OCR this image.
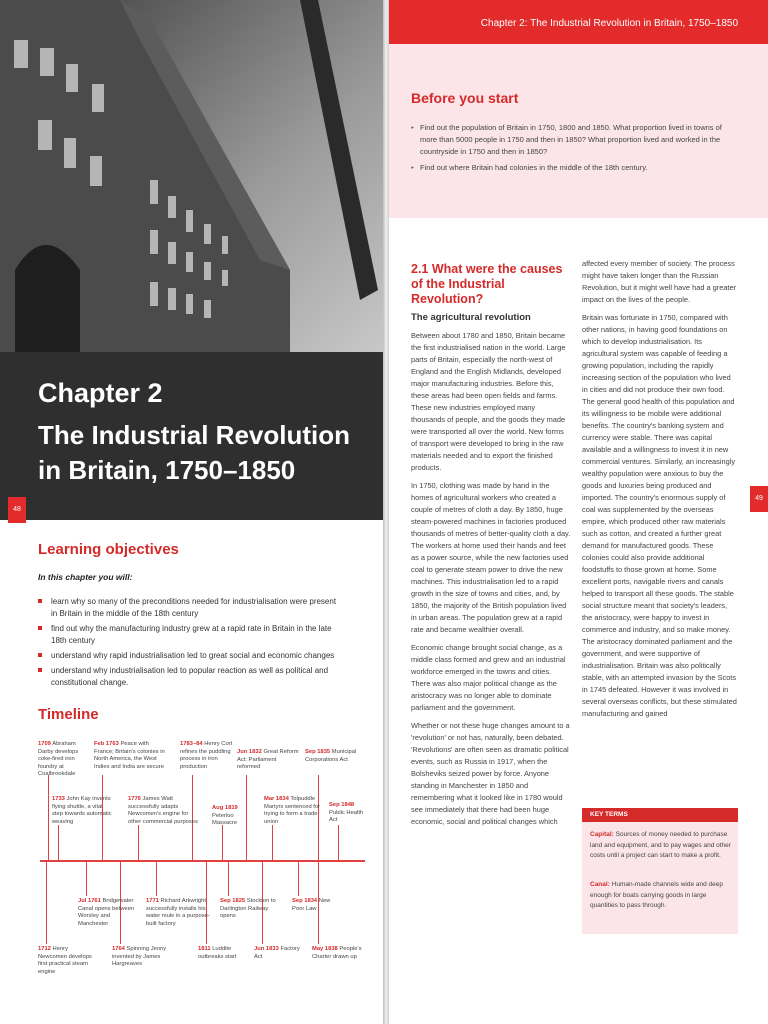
Chapter 2
The Industrial Revolution in Britain, 1750–1850
48
Learning objectives

In this chapter you will:

learn why so many of the preconditions needed for industrialisation were present in Britain in the middle of the 18th century
find out why the manufacturing industry grew at a rapid rate in Britain in the late 18th century
understand why rapid industrialisation led to great social and economic changes
understand why industrialisation led to popular reaction as well as political and constitutional change.
Timeline
1709 Abraham Darby develops coke-fired iron foundry at Coalbrookdale
Feb 1763 Peace with France; Britain's colonies in North America, the West Indies and India are secure
1783–84 Henry Cort refines the puddling process in iron production
Jun 1832 Great Reform Act: Parliament reformed
Sep 1835 Municipal Corporations Act
1733 John Kay invents flying shuttle, a vital step towards automatic weaving
1776 James Watt successfully adapts Newcomen's engine for other commercial purposes
Aug 1819 Peterloo Massacre
Mar 1834 Tolpuddle Martyrs sentenced for trying to form a trade union
Sep 1848 Public Health Act
Jul 1761 Bridgewater Canal opens between Worsley and Manchester
1771 Richard Arkwright successfully installs his water mule in a purpose-built factory
Sep 1825 Stockton to Darlington Railway opens
Sep 1834 New Poor Law
1712 Henry Newcomen develops first practical steam engine
1764 Spinning Jenny invented by James Hargreaves
1811 Luddite outbreaks start
Jun 1833 Factory Act
May 1838 People's Charter drawn up

Chapter 2: The Industrial Revolution in Britain, 1750–1850

Before you start
• Find out the population of Britain in 1750, 1800 and 1850. What proportion lived in towns of more than 5000 people in 1750 and then in 1850? What proportion lived and worked in the countryside in 1750 and then in 1850?
• Find out where Britain had colonies in the middle of the 18th century.
2.1 What were the causes of the Industrial Revolution?
The agricultural revolution

Between about 1780 and 1850, Britain became the first industrialised nation in the world. Large parts of Britain, especially the north-west of England and the English Midlands, developed major manufacturing industries. Before this, these areas had been open fields and farms. These new industries employed many thousands of people, and the goods they made were transported all over the world. New forms of transport were developed to bring in the raw materials needed and to export the finished products.

In 1750, clothing was made by hand in the homes of agricultural workers who created a couple of metres of cloth a day. By 1850, huge steam-powered machines in factories produced thousands of metres of better-quality cloth a day. The workers at home used their hands and feet as a power source, while the new factories used coal to generate steam power to drive the new machines. This industrialisation led to a rapid growth in the size of towns and cities, and, by 1850, the majority of the British population lived in urban areas. The population grew at a rapid rate and became wealthier overall.

Economic change brought social change, as a middle class formed and grew and an industrial workforce emerged in the towns and cities. There was also major political change as the aristocracy was no longer able to dominate parliament and the government.

Whether or not these huge changes amount to a 'revolution' or not has, naturally, been debated. 'Revolutions' are often seen as dramatic political events, such as Russia in 1917, when the Bolsheviks seized power by force. Anyone standing in Manchester in 1850 and remembering what it looked like in 1780 would see immediately that there had been huge economic, social and political changes which

affected every member of society. The process might have taken longer than the Russian Revolution, but it might well have had a greater impact on the lives of the people.

Britain was fortunate in 1750, compared with other nations, in having good foundations on which to develop industrialisation. Its agricultural system was capable of feeding a growing population, including the rapidly increasing section of the population who lived in cities and did not produce their own food. The general good health of this population and its willingness to be mobile were additional benefits. The country's banking system and currency were stable. There was capital available and a willingness to invest it in new commercial ventures. Similarly, an increasingly wealthy population were anxious to buy the goods and luxuries being produced and imported. The country's enormous supply of coal was supplemented by the overseas empire, which produced other raw materials such as cotton, and created a further great demand for manufactured goods. These colonies could also provide additional foodstuffs to those grown at home. Some excellent ports, navigable rivers and canals helped to transport all these goods. The stable social structure meant that society's leaders, the aristocracy, were happy to invest in commerce and industry, and so make money. The aristocracy dominated parliament and the government, and were supportive of industrialisation. Britain was also politically stable, with an attempted invasion by the Scots in 1745 defeated. However it was involved in several overseas conflicts, but these stimulated manufacturing and gained

KEY TERMS

Capital: Sources of money needed to purchase land and equipment, and to pay wages and other costs until a project can start to make a profit.

Canal: Human-made channels wide and deep enough for boats carrying goods in large quantities to pass through.

49
